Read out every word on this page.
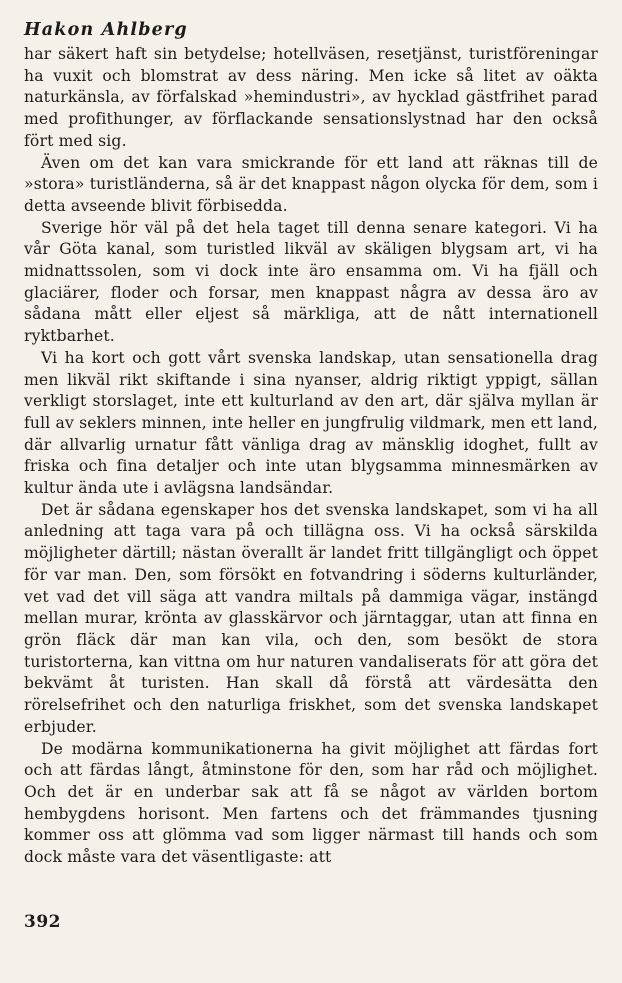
Hakon Ahlberg

har säkert haft sin betydelse; hotellväsen, resetjänst, turistföreningar ha vuxit och blomstrat av dess näring. Men icke så litet av oäkta naturkänsla, av förfalskad »hemindustri», av hycklad gästfrihet parad med profithunger, av förflackande sensationslystnad har den också fört med sig.

Även om det kan vara smickrande för ett land att räknas till de »stora» turistländerna, så är det knappast någon olycka för dem, som i detta avseende blivit förbisedda.

Sverige hör väl på det hela taget till denna senare kategori. Vi ha vår Göta kanal, som turistled likväl av skäligen blygsam art, vi ha midnattssolen, som vi dock inte äro ensamma om. Vi ha fjäll och glaciärer, floder och forsar, men knappast några av dessa äro av sådana mått eller eljest så märkliga, att de nått internationell ryktbarhet.

Vi ha kort och gott vårt svenska landskap, utan sensationella drag men likväl rikt skiftande i sina nyanser, aldrig riktigt yppigt, sällan verkligt storslaget, inte ett kulturland av den art, där själva myllan är full av seklers minnen, inte heller en jungfrulig vildmark, men ett land, där allvarlig urnatur fått vänliga drag av mänsklig idoghet, fullt av friska och fina detaljer och inte utan blygsamma minnesmärken av kultur ända ute i avlägsna landsändar.

Det är sådana egenskaper hos det svenska landskapet, som vi ha all anledning att taga vara på och tillägna oss. Vi ha också särskilda möjligheter därtill; nästan överallt är landet fritt tillgängligt och öppet för var man. Den, som försökt en fotvandring i söderns kulturländer, vet vad det vill säga att vandra miltals på dammiga vägar, instängd mellan murar, krönta av glasskärvor och järntaggar, utan att finna en grön fläck där man kan vila, och den, som besökt de stora turistorterna, kan vittna om hur naturen vandaliserats för att göra det bekvämt åt turisten. Han skall då förstå att värdesätta den rörelsefrihet och den naturliga friskhet, som det svenska landskapet erbjuder.

De modärna kommunikationerna ha givit möjlighet att färdas fort och att färdas långt, åtminstone för den, som har råd och möjlighet. Och det är en underbar sak att få se något av världen bortom hembygdens horisont. Men fartens och det främmandes tjusning kommer oss att glömma vad som ligger närmast till hands och som dock måste vara det väsentligaste: att

392
